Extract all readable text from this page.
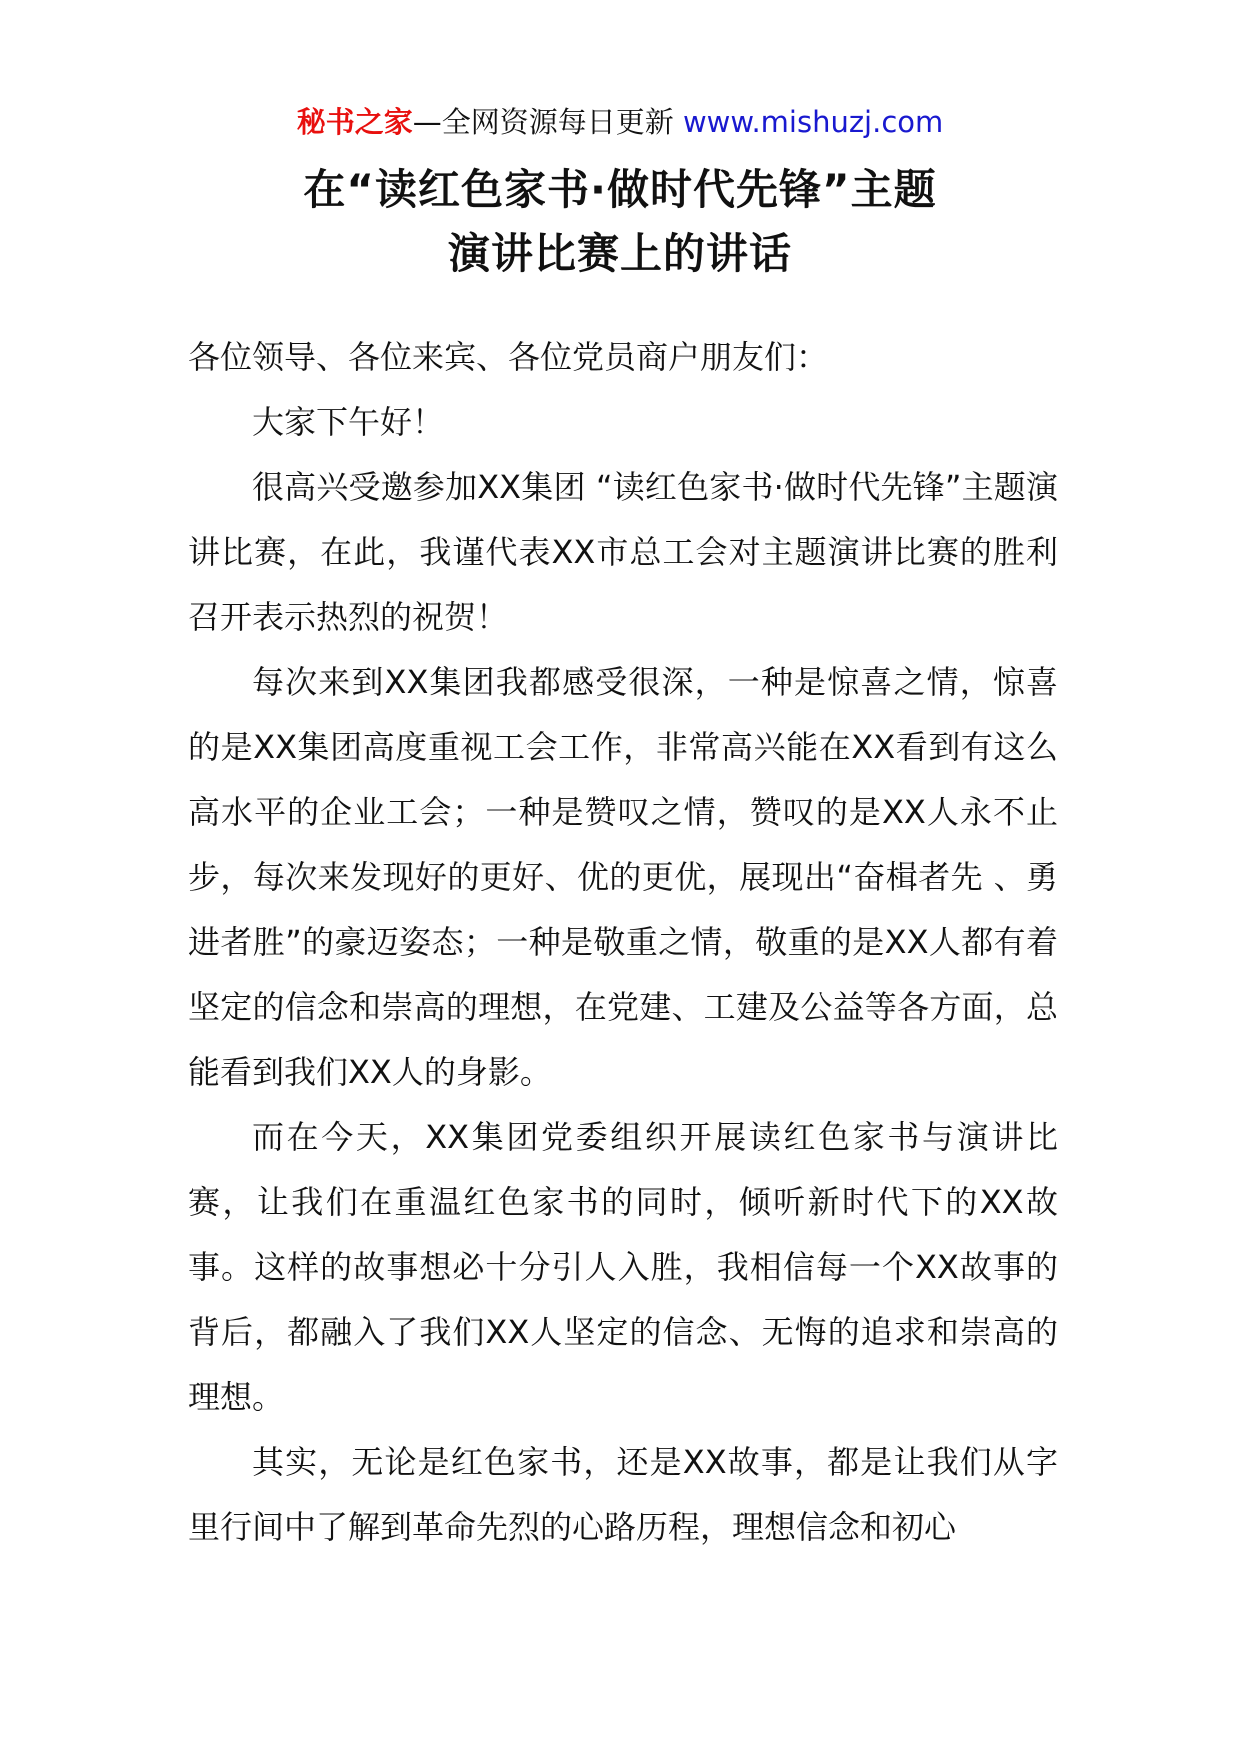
秘书之家—全网资源每日更新 www.mishuzj.com
在“读红色家书·做时代先锋”主题
演讲比赛上的讲话

各位领导、各位来宾、各位党员商户朋友们：

大家下午好！

很高兴受邀参加XX集团 “读红色家书·做时代先锋”主题演讲比赛，在此，我谨代表XX市总工会对主题演讲比赛的胜利召开表示热烈的祝贺！

每次来到XX集团我都感受很深，一种是惊喜之情，惊喜的是XX集团高度重视工会工作，非常高兴能在XX看到有这么高水平的企业工会；一种是赞叹之情，赞叹的是XX人永不止步，每次来发现好的更好、优的更优，展现出“奋楫者先 、勇进者胜”的豪迈姿态；一种是敬重之情，敬重的是XX人都有着坚定的信念和崇高的理想，在党建、工建及公益等各方面，总能看到我们XX人的身影。

而在今天，XX集团党委组织开展读红色家书与演讲比赛，让我们在重温红色家书的同时，倾听新时代下的XX故事。这样的故事想必十分引人入胜，我相信每一个XX故事的背后，都融入了我们XX人坚定的信念、无悔的追求和崇高的理想。

其实，无论是红色家书，还是XX故事，都是让我们从字里行间中了解到革命先烈的心路历程，理想信念和初心
